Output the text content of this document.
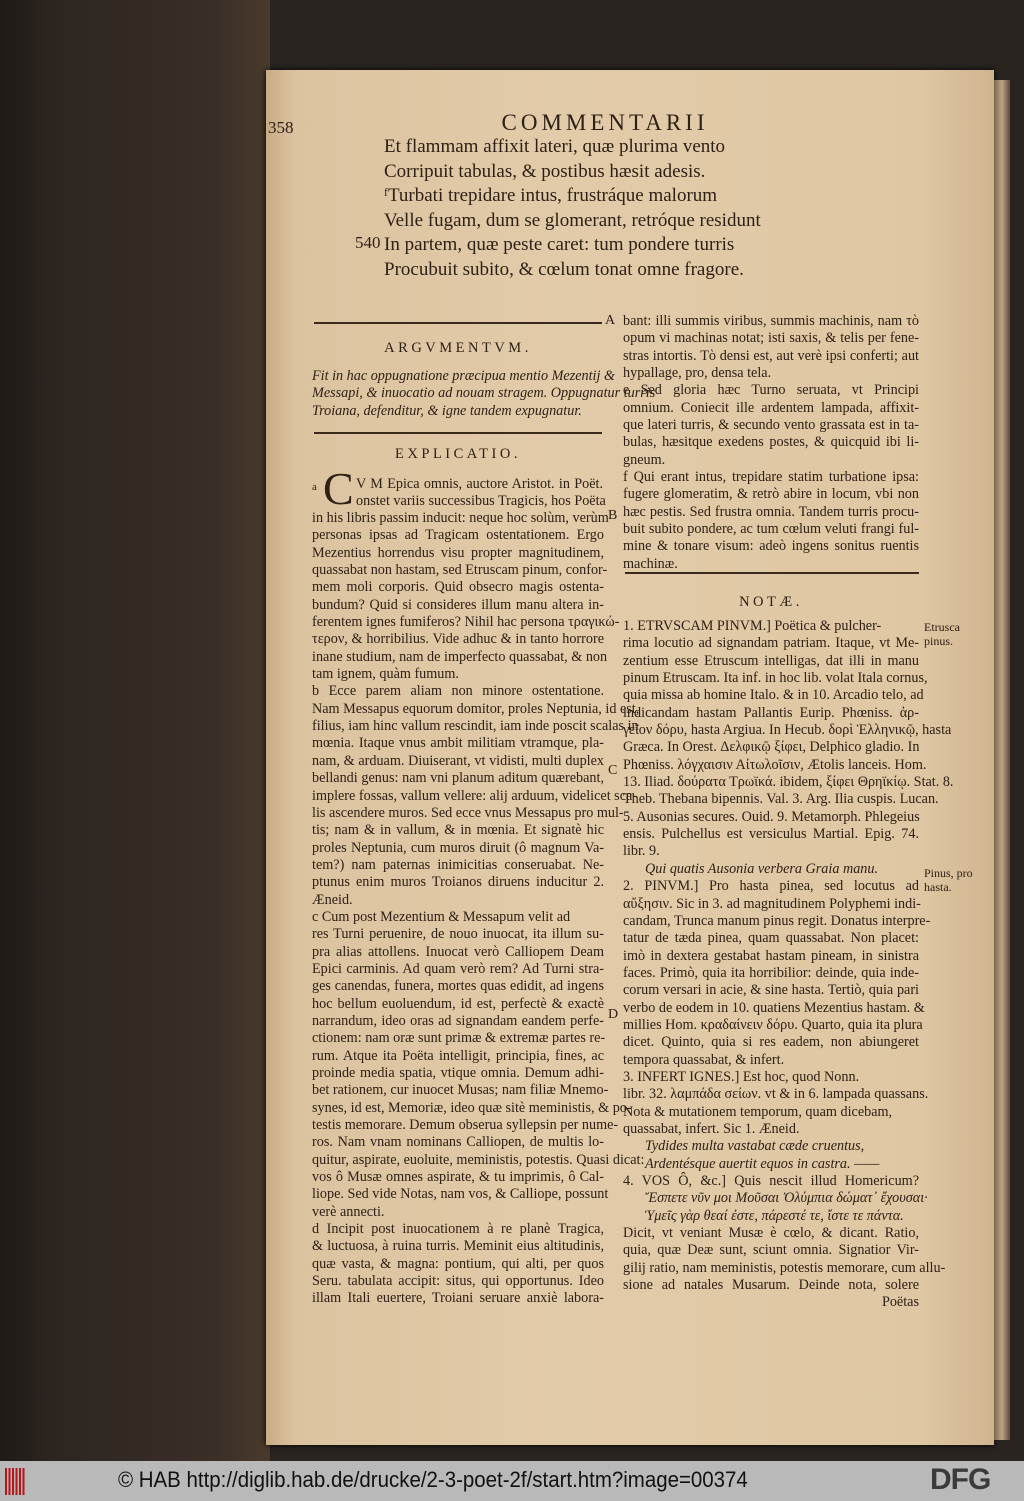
358	COMMENTARII
540
Et flammam affixit lateri, quæ plurima vento
Corripuit tabulas, & postibus hæsit adesis.
ᶠTurbati trepidare intus, frustráque malorum
Velle fugam, dum se glomerant, retróque residunt
In partem, quæ peste caret: tum pondere turris
Procubuit subito, & cœlum tonat omne fragore.
ARGVMENTVM.
Fit in hac oppugnatione præcipua mentio Mezentij &
Messapi, & inuocatio ad nouam stragem. Oppugnatur turris
Troiana, defenditur, & igne tandem expugnatur.
EXPLICATIO.
a C V M Epica omnis, auctore Aristot. in Poët.
onstet variis successibus Tragicis, hos Poëta
in his libris passim inducit: neque hoc solùm, verùm
personas ipsas ad Tragicam ostentationem. Ergo
Mezentius horrendus visu propter magnitudinem,
quassabat non hastam, sed Etruscam pinum, confor-
mem moli corporis. Quid obsecro magis ostenta-
bundum? Quid si consideres illum manu altera in-
ferentem ignes fumiferos? Nihil hac persona τραγικώ-
τερον, & horribilius. Vide adhuc & in tanto horrore
inane studium, nam de imperfecto quassabat, & non
tam ignem, quàm fumum.
b Ecce parem aliam non minore ostentatione.
Nam Messapus equorum domitor, proles Neptunia, id est,
filius, iam hinc vallum rescindit, iam inde poscit scalas in
mœnia. Itaque vnus ambit militiam vtramque, pla-
nam, & arduam. Diuiserant, vt vidisti, multi duplex
bellandi genus: nam vni planum aditum quærebant,
implere fossas, vallum vellere: alij arduum, videlicet sca-
lis ascendere muros. Sed ecce vnus Messapus pro mul-
tis; nam & in vallum, & in mœnia. Et signatè hic
proles Neptunia, cum muros diruit (ô magnum Va-
tem?) nam paternas inimicitias conseruabat. Ne-
ptunus enim muros Troianos diruens inducitur 2.
Æneid.
c Cum post Mezentium & Messapum velit ad
res Turni peruenire, de nouo inuocat, ita illum su-
pra alias attollens. Inuocat verò Calliopem Deam
Epici carminis. Ad quam verò rem? Ad Turni stra-
ges canendas, funera, mortes quas edidit, ad ingens
hoc bellum euoluendum, id est, perfectè & exactè
narrandum, ideo oras ad signandam eandem perfe-
ctionem: nam oræ sunt primæ & extremæ partes re-
rum. Atque ita Poëta intelligit, principia, fines, ac
proinde media spatia, vtique omnia. Demum adhi-
bet rationem, cur inuocet Musas; nam filiæ Mnemo-
synes, id est, Memoriæ, ideo quæ sitè meministis, & po-
testis memorare. Demum obserua syllepsin per nume-
ros. Nam vnam nominans Calliopen, de multis lo-
quitur, aspirate, euoluite, meministis, potestis. Quasi dicat:
vos ô Musæ omnes aspirate, & tu imprimis, ô Cal-
liope. Sed vide Notas, nam vos, & Calliope, possunt
verè annecti.
d Incipit post inuocationem à re planè Tragica,
& luctuosa, à ruina turris. Meminit eius altitudinis,
quæ vasta, & magna: pontium, qui alti, per quos
Seru. tabulata accipit: situs, qui opportunus. Ideo
illam Itali euertere, Troiani seruare anxiè labora-
bant: illi summis viribus, summis machinis, nam τὸ
opum vi machinas notat; isti saxis, & telis per fene-
stras intortis. Τὸ densi est, aut verè ipsi conferti; aut
hypallage, pro, densa tela.
e Sed gloria hæc Turno seruata, vt Principi
omnium. Coniecit ille ardentem lampada, affixit-
que lateri turris, & secundo vento grassata est in ta-
bulas, hæsitque exedens postes, & quicquid ibi li-
gneum.
f Qui erant intus, trepidare statim turbatione ipsa:
fugere glomeratim, & retrò abire in locum, vbi non
hæc pestis. Sed frustra omnia. Tandem turris procu-
buit subito pondere, ac tum cœlum veluti frangi ful-
mine & tonare visum: adeò ingens sonitus ruentis
machinæ.
NOTÆ.
1. ETRVSCAM PINVM.] Poëtica & pulcher-
rima locutio ad signandam patriam. Itaque, vt Me-
zentium esse Etruscum intelligas, dat illi in manu
pinum Etruscam. Ita inf. in hoc lib. volat Itala cornus,
quia missa ab homine Italo. & in 10. Arcadio telo, ad
indicandam hastam Pallantis Eurip. Phœniss. ἀρ-
γεῖον δόρυ, hasta Argiua. In Hecub. δορὶ Ἑλληνικῷ, hasta
Græca. In Orest. Δελφικῷ ξίφει, Delphico gladio. In
Phœniss. λόγχαισιν Αἰτωλοῖσιν, Ætolis lanceis. Hom.
13. Iliad. δούρατα Τρωϊκά. ibidem, ξίφει Θρηϊκίῳ. Stat. 8.
Theb. Thebana bipennis. Val. 3. Arg. Ilia cuspis. Lucan.
5. Ausonias secures. Ouid. 9. Metamorph. Phlegeius
ensis. Pulchellus est versiculus Martial. Epig. 74.
libr. 9.
Qui quatis Ausonia verbera Graia manu.
2. PINVM.] Pro hasta pinea, sed locutus ad
αὔξησιν. Sic in 3. ad magnitudinem Polyphemi indi-
candam, Trunca manum pinus regit. Donatus interpre-
tatur de tæda pinea, quam quassabat. Non placet:
imò in dextera gestabat hastam pineam, in sinistra
faces. Primò, quia ita horribilior: deinde, quia inde-
corum versari in acie, & sine hasta. Tertiò, quia pari
verbo de eodem in 10. quatiens Mezentius hastam. &
millies Hom. κραδαίνειν δόρυ. Quarto, quia ita plura
dicet. Quinto, quia si res eadem, non abiungeret
tempora quassabat, & infert.
3. INFERT IGNES.] Est hoc, quod Nonn.
libr. 32. λαμπάδα σείων. vt & in 6. lampada quassans.
Nota & mutationem temporum, quam dicebam,
quassabat, infert. Sic 1. Æneid.
Tydides multa vastabat cæde cruentus,
Ardentésque auertit equos in castra. ——
4. VOS Ô, &c.] Quis nescit illud Homericum?
Ἔσπετε νῦν μοι Μοῦσαι Ὀλύμπια δώματ᾽ ἔχουσαι·
Ὑμεῖς γὰρ θεαί ἐστε, πάρεστέ τε, ἴστε τε πάντα.
Dicit, vt veniant Musæ è cœlo, & dicant. Ratio,
quia, quæ Deæ sunt, sciunt omnia. Signatior Vir-
gilij ratio, nam meministis, potestis memorare, cum allu-
sione ad natales Musarum. Deinde nota, solere
Poëtas
A
B
C
D
Etrusca pinus.
Pinus, pro hasta.
© HAB http://diglib.hab.de/drucke/2-3-poet-2f/start.htm?image=00374	DFG
